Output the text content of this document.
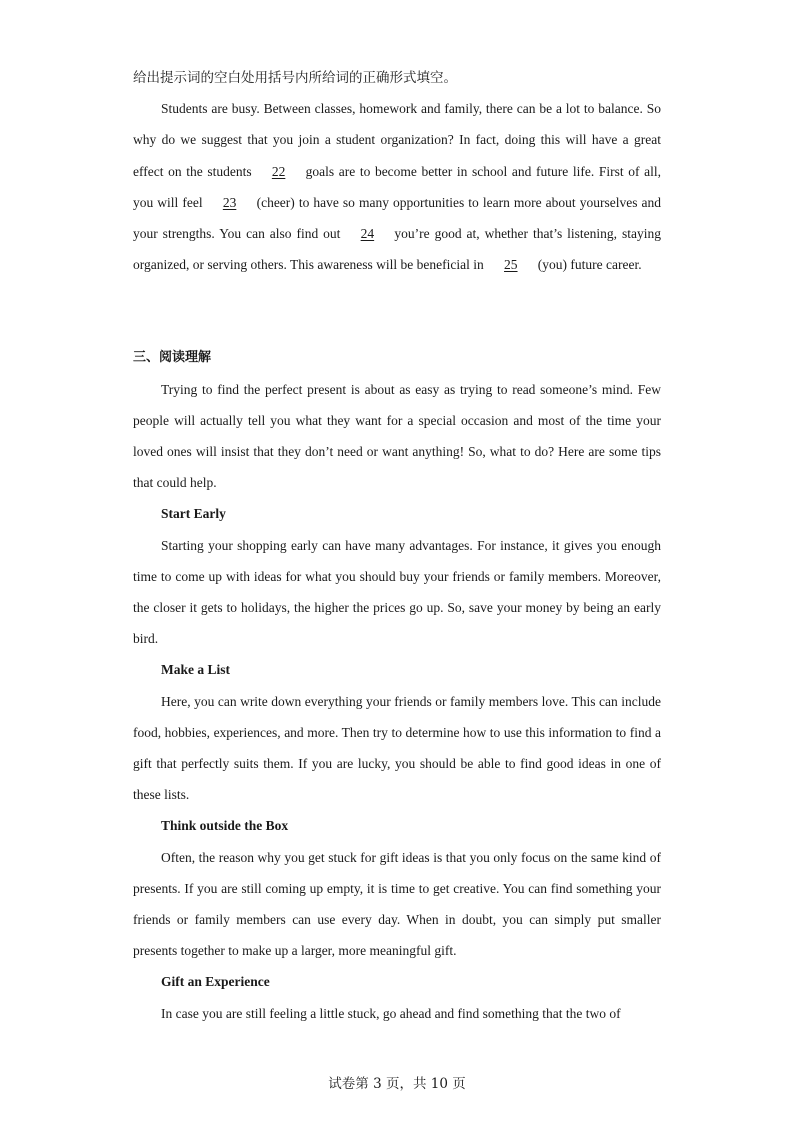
给出提示词的空白处用括号内所给词的正确形式填空。

Students are busy. Between classes, homework and family, there can be a lot to balance. So why do we suggest that you join a student organization? In fact, doing this will have a great effect on the students 22 goals are to become better in school and future life. First of all, you will feel 23 (cheer) to have so many opportunities to learn more about yourselves and your strengths. You can also find out 24 you’re good at, whether that’s listening, staying organized, or serving others. This awareness will be beneficial in 25 (you) future career.

三、阅读理解

Trying to find the perfect present is about as easy as trying to read someone’s mind. Few people will actually tell you what they want for a special occasion and most of the time your loved ones will insist that they don’t need or want anything! So, what to do? Here are some tips that could help.

Start Early

Starting your shopping early can have many advantages. For instance, it gives you enough time to come up with ideas for what you should buy your friends or family members. Moreover, the closer it gets to holidays, the higher the prices go up. So, save your money by being an early bird.

Make a List

Here, you can write down everything your friends or family members love. This can include food, hobbies, experiences, and more. Then try to determine how to use this information to find a gift that perfectly suits them. If you are lucky, you should be able to find good ideas in one of these lists.

Think outside the Box

Often, the reason why you get stuck for gift ideas is that you only focus on the same kind of presents. If you are still coming up empty, it is time to get creative. You can find something your friends or family members can use every day. When in doubt, you can simply put smaller presents together to make up a larger, more meaningful gift.

Gift an Experience

In case you are still feeling a little stuck, go ahead and find something that the two of

试卷第 3 页，共 10 页
